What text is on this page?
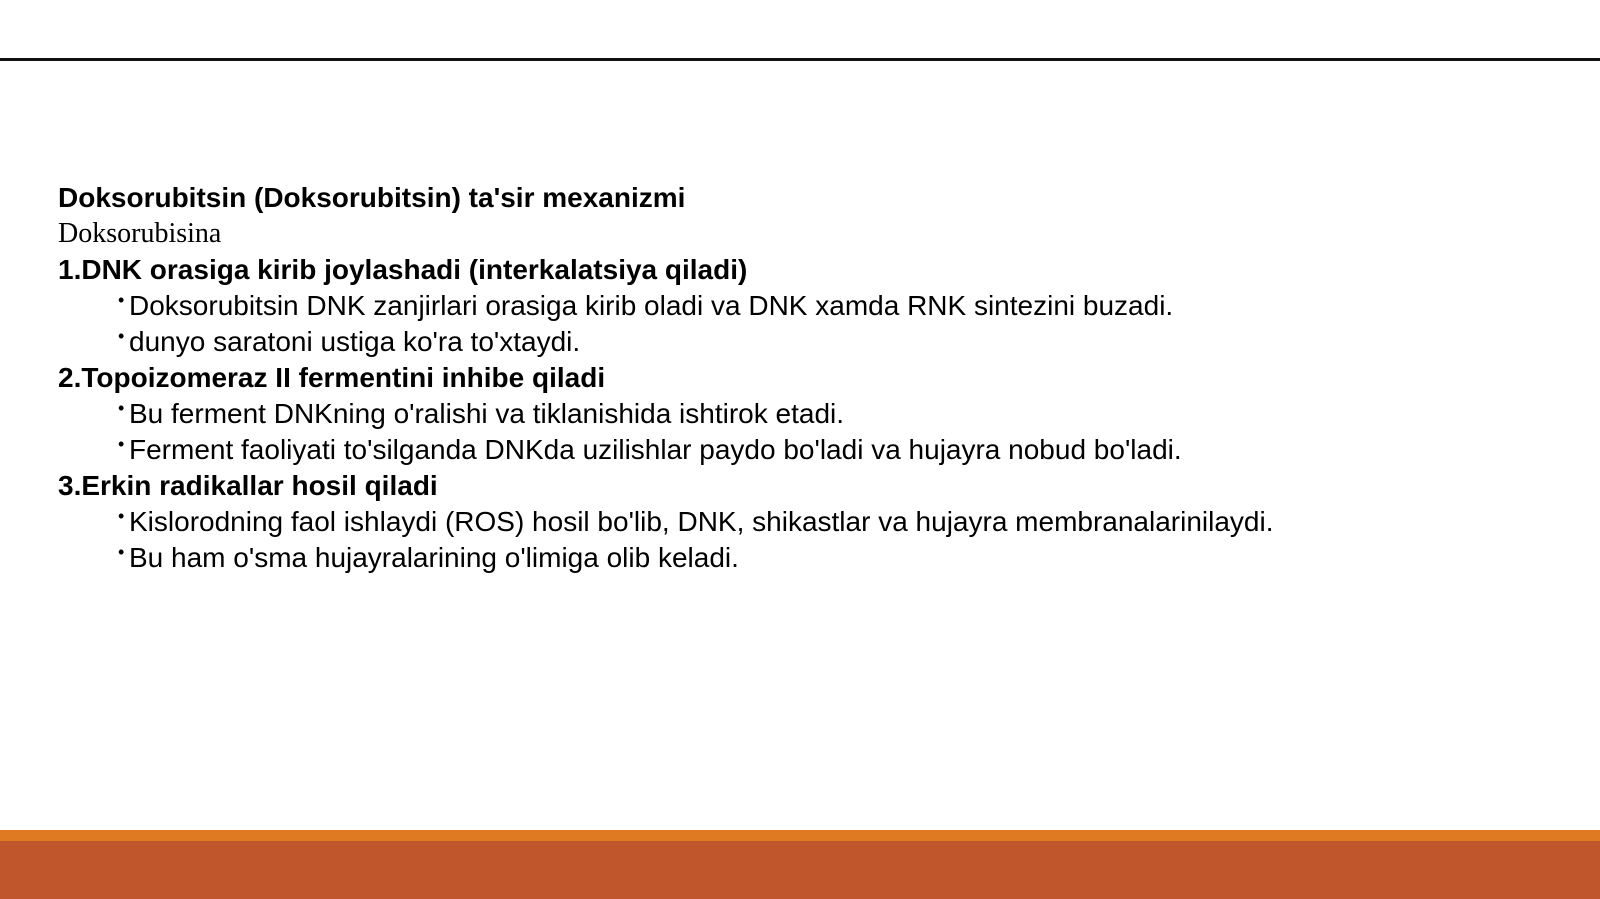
Doksorubitsin (Doksorubitsin) ta'sir mexanizmi
Doksorubisina
1.DNK orasiga kirib joylashadi (interkalatsiya qiladi)
• Doksorubitsin DNK zanjirlari orasiga kirib oladi va DNK xamda RNK sintezini buzadi.
• dunyo saratoni ustiga ko'ra to'xtaydi.
2.Topoizomeraz II fermentini inhibe qiladi
• Bu ferment DNKning o'ralishi va tiklanishida ishtirok etadi.
• Ferment faoliyati to'silganda DNKda uzilishlar paydo bo'ladi va hujayra nobud bo'ladi.
3.Erkin radikallar hosil qiladi
• Kislorodning faol ishlaydi (ROS) hosil bo'lib, DNK, shikastlar va hujayra membranalarinilaydi.
• Bu ham o'sma hujayralarining o'limiga olib keladi.
